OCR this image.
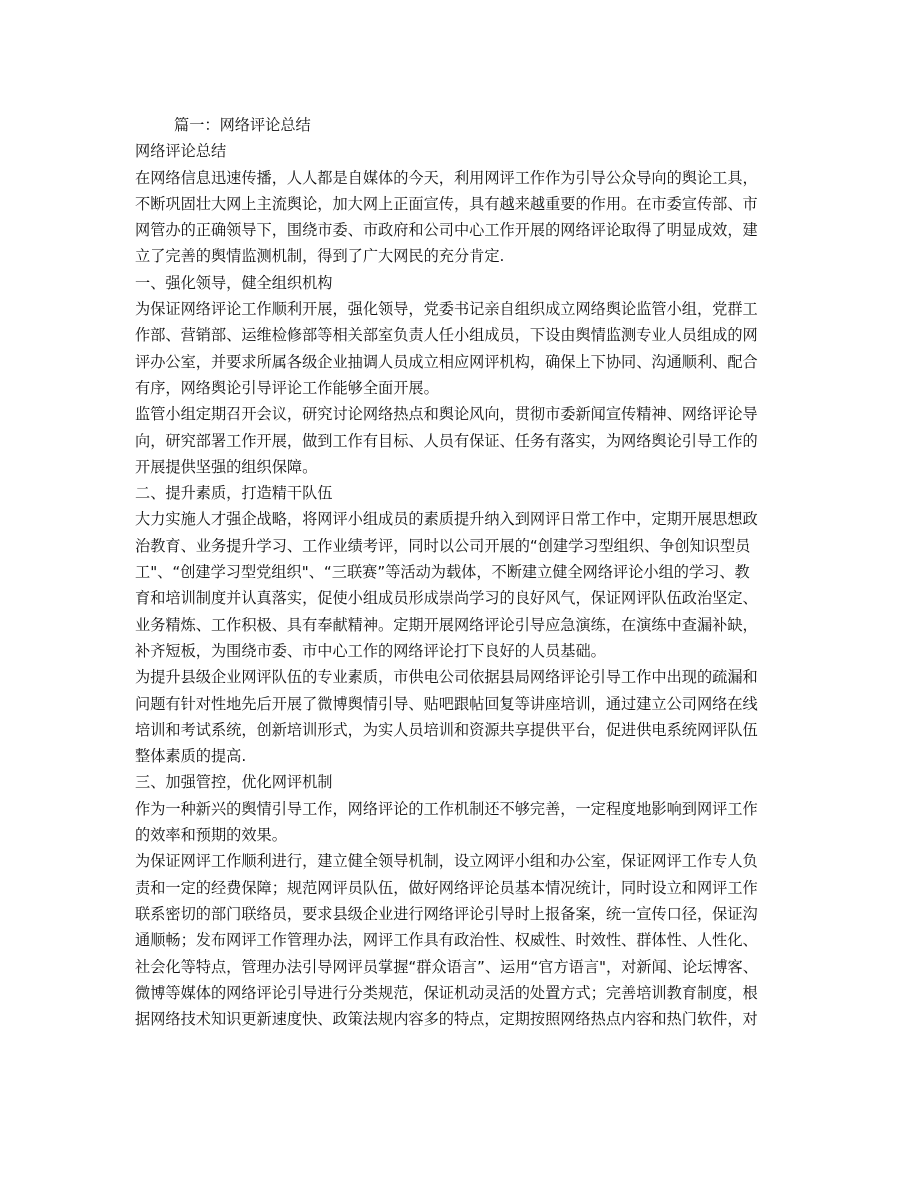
篇一：网络评论总结
网络评论总结
在网络信息迅速传播，人人都是自媒体的今天，利用网评工作作为引导公众导向的舆论工具，
不断巩固壮大网上主流舆论，加大网上正面宣传，具有越来越重要的作用。在市委宣传部、市
网管办的正确领导下，围绕市委、市政府和公司中心工作开展的网络评论取得了明显成效，建
立了完善的舆情监测机制，得到了广大网民的充分肯定.
一、强化领导，健全组织机构
为保证网络评论工作顺利开展，强化领导，党委书记亲自组织成立网络舆论监管小组，党群工
作部、营销部、运维检修部等相关部室负责人任小组成员，下设由舆情监测专业人员组成的网
评办公室，并要求所属各级企业抽调人员成立相应网评机构，确保上下协同、沟通顺利、配合
有序，网络舆论引导评论工作能够全面开展。
监管小组定期召开会议，研究讨论网络热点和舆论风向，贯彻市委新闻宣传精神、网络评论导
向，研究部署工作开展，做到工作有目标、人员有保证、任务有落实，为网络舆论引导工作的
开展提供坚强的组织保障。
二、提升素质，打造精干队伍
大力实施人才强企战略，将网评小组成员的素质提升纳入到网评日常工作中，定期开展思想政
治教育、业务提升学习、工作业绩考评，同时以公司开展的“创建学习型组织、争创知识型员
工"、“创建学习型党组织"、“三联赛”等活动为载体，不断建立健全网络评论小组的学习、教
育和培训制度并认真落实，促使小组成员形成崇尚学习的良好风气，保证网评队伍政治坚定、
业务精炼、工作积极、具有奉献精神。定期开展网络评论引导应急演练，在演练中查漏补缺，
补齐短板，为围绕市委、市中心工作的网络评论打下良好的人员基础。
为提升县级企业网评队伍的专业素质，市供电公司依据县局网络评论引导工作中出现的疏漏和
问题有针对性地先后开展了微博舆情引导、贴吧跟帖回复等讲座培训，通过建立公司网络在线
培训和考试系统，创新培训形式，为实人员培训和资源共享提供平台，促进供电系统网评队伍
整体素质的提高.
三、加强管控，优化网评机制
作为一种新兴的舆情引导工作，网络评论的工作机制还不够完善，一定程度地影响到网评工作
的效率和预期的效果。
为保证网评工作顺利进行，建立健全领导机制，设立网评小组和办公室，保证网评工作专人负
责和一定的经费保障；规范网评员队伍，做好网络评论员基本情况统计，同时设立和网评工作
联系密切的部门联络员，要求县级企业进行网络评论引导时上报备案，统一宣传口径，保证沟
通顺畅；发布网评工作管理办法，网评工作具有政治性、权威性、时效性、群体性、人性化、
社会化等特点，管理办法引导网评员掌握“群众语言”、运用“官方语言"，对新闻、论坛博客、
微博等媒体的网络评论引导进行分类规范，保证机动灵活的处置方式；完善培训教育制度，根
据网络技术知识更新速度快、政策法规内容多的特点，定期按照网络热点内容和热门软件，对
